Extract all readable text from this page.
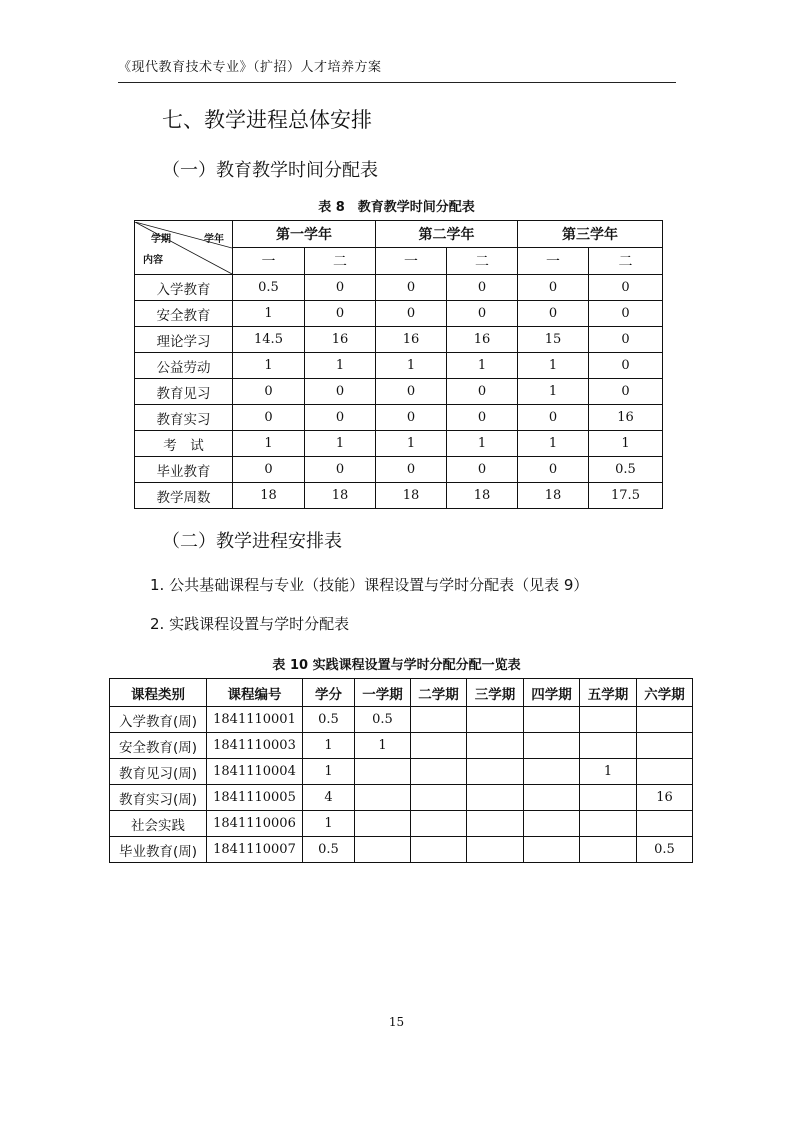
《现代教育技术专业》（扩招）人才培养方案
七、教学进程总体安排
（一）教育教学时间分配表
表 8　教育教学时间分配表
学期 学年
内容	第一学年		第二学年		第三学年	
	一	二	一	二	一	二
入学教育	0.5	0	0	0	0	0
安全教育	1	0	0	0	0	0
理论学习	14.5	16	16	16	15	0
公益劳动	1	1	1	1	1	0
教育见习	0	0	0	0	1	0
教育实习	0	0	0	0	0	16
考　试	1	1	1	1	1	1
毕业教育	0	0	0	0	0	0.5
教学周数	18	18	18	18	18	17.5
（二）教学进程安排表
1. 公共基础课程与专业（技能）课程设置与学时分配表（见表 9）
2. 实践课程设置与学时分配表
表 10 实践课程设置与学时分配分配一览表
课程类别	课程编号	学分	一学期	二学期	三学期	四学期	五学期	六学期
入学教育(周)	1841110001	0.5	0.5					
安全教育(周)	1841110003	1	1					
教育见习(周)	1841110004	1					1	
教育实习(周)	1841110005	4						16
社会实践	1841110006	1						
毕业教育(周)	1841110007	0.5						0.5
15
